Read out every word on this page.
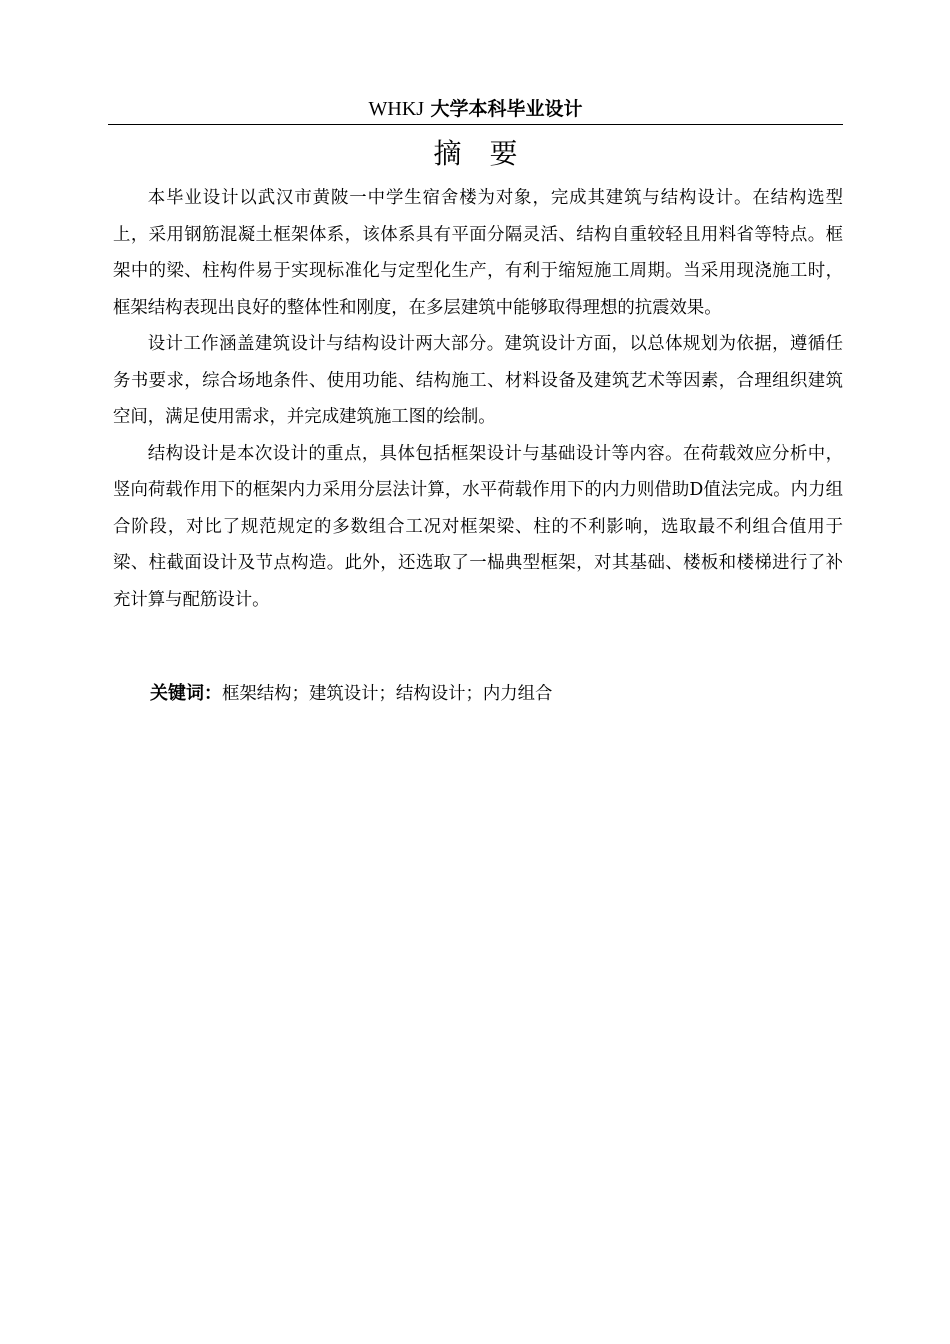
WHKJ 大学本科毕业设计
摘要

本毕业设计以武汉市黄陂一中学生宿舍楼为对象，完成其建筑与结构设计。在结构选型上，采用钢筋混凝土框架体系，该体系具有平面分隔灵活、结构自重较轻且用料省等特点。框架中的梁、柱构件易于实现标准化与定型化生产，有利于缩短施工周期。当采用现浇施工时，框架结构表现出良好的整体性和刚度，在多层建筑中能够取得理想的抗震效果。

设计工作涵盖建筑设计与结构设计两大部分。建筑设计方面，以总体规划为依据，遵循任务书要求，综合场地条件、使用功能、结构施工、材料设备及建筑艺术等因素，合理组织建筑空间，满足使用需求，并完成建筑施工图的绘制。

结构设计是本次设计的重点，具体包括框架设计与基础设计等内容。在荷载效应分析中，竖向荷载作用下的框架内力采用分层法计算，水平荷载作用下的内力则借助D值法完成。内力组合阶段，对比了规范规定的多数组合工况对框架梁、柱的不利影响，选取最不利组合值用于梁、柱截面设计及节点构造。此外，还选取了一榀典型框架，对其基础、楼板和楼梯进行了补充计算与配筋设计。

关键词：框架结构；建筑设计；结构设计；内力组合
